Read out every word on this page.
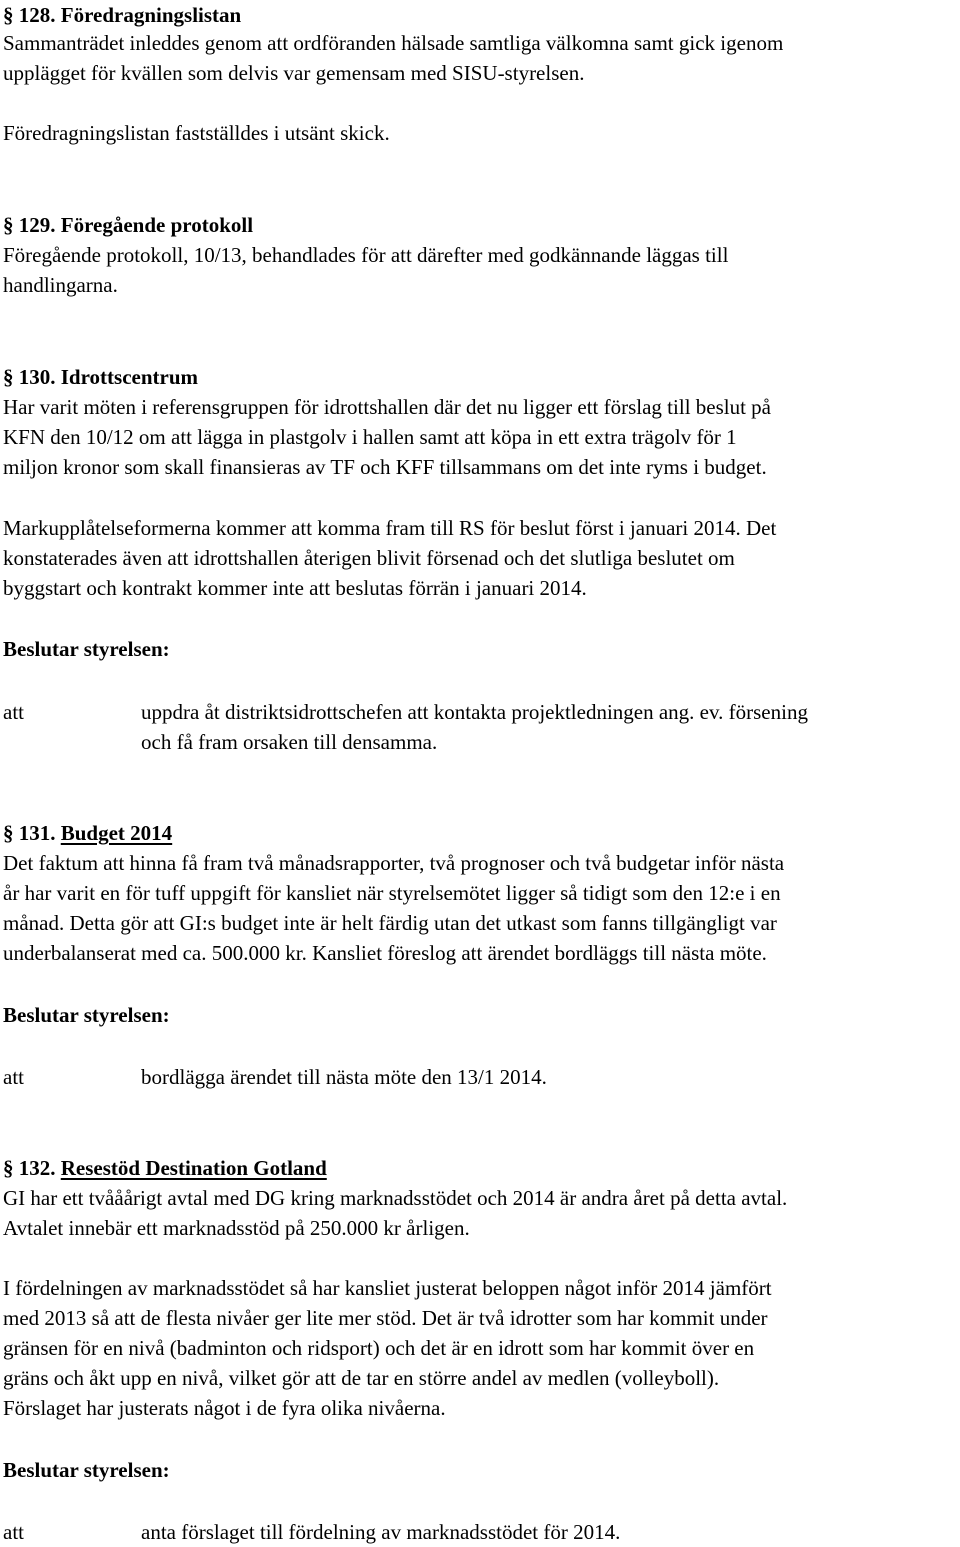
§ 128. Föredragningslistan
Sammanträdet inleddes genom att ordföranden hälsade samtliga välkomna samt gick igenom
upplägget för kvällen som delvis var gemensam med SISU-styrelsen.
Föredragningslistan fastställdes i utsänt skick.
§ 129. Föregående protokoll
Föregående protokoll, 10/13, behandlades för att därefter med godkännande läggas till
handlingarna.
§ 130. Idrottscentrum
Har varit möten i referensgruppen för idrottshallen där det nu ligger ett förslag till beslut på
KFN den 10/12 om att lägga in plastgolv i hallen samt att köpa in ett extra trägolv för 1
miljon kronor som skall finansieras av TF och KFF tillsammans om det inte ryms i budget.
Markupplåtelseformerna kommer att komma fram till RS för beslut först i januari 2014. Det
konstaterades även att idrottshallen återigen blivit försenad och det slutliga beslutet om
byggstart och kontrakt kommer inte att beslutas förrän i januari 2014.
Beslutar styrelsen:
att	uppdra åt distriktsidrottschefen att kontakta projektledningen ang. ev. försening
och få fram orsaken till densamma.
§ 131. Budget 2014
Det faktum att hinna få fram två månadsrapporter, två prognoser och två budgetar inför nästa
år har varit en för tuff uppgift för kansliet när styrelsemötet ligger så tidigt som den 12:e i en
månad. Detta gör att GI:s budget inte är helt färdig utan det utkast som fanns tillgängligt var
underbalanserat med ca. 500.000 kr. Kansliet föreslog att ärendet bordläggs till nästa möte.
Beslutar styrelsen:
att	bordlägga ärendet till nästa möte den 13/1 2014.
§ 132. Resestöd Destination Gotland
GI har ett tvååårigt avtal med DG kring marknadsstödet och 2014 är andra året på detta avtal.
Avtalet innebär ett marknadsstöd på 250.000 kr årligen.
I fördelningen av marknadsstödet så har kansliet justerat beloppen något inför 2014 jämfört
med 2013 så att de flesta nivåer ger lite mer stöd. Det är två idrotter som har kommit under
gränsen för en nivå (badminton och ridsport) och det är en idrott som har kommit över en
gräns och åkt upp en nivå, vilket gör att de tar en större andel av medlen (volleyboll).
Förslaget har justerats något i de fyra olika nivåerna.
Beslutar styrelsen:
att	anta förslaget till fördelning av marknadsstödet för 2014.
